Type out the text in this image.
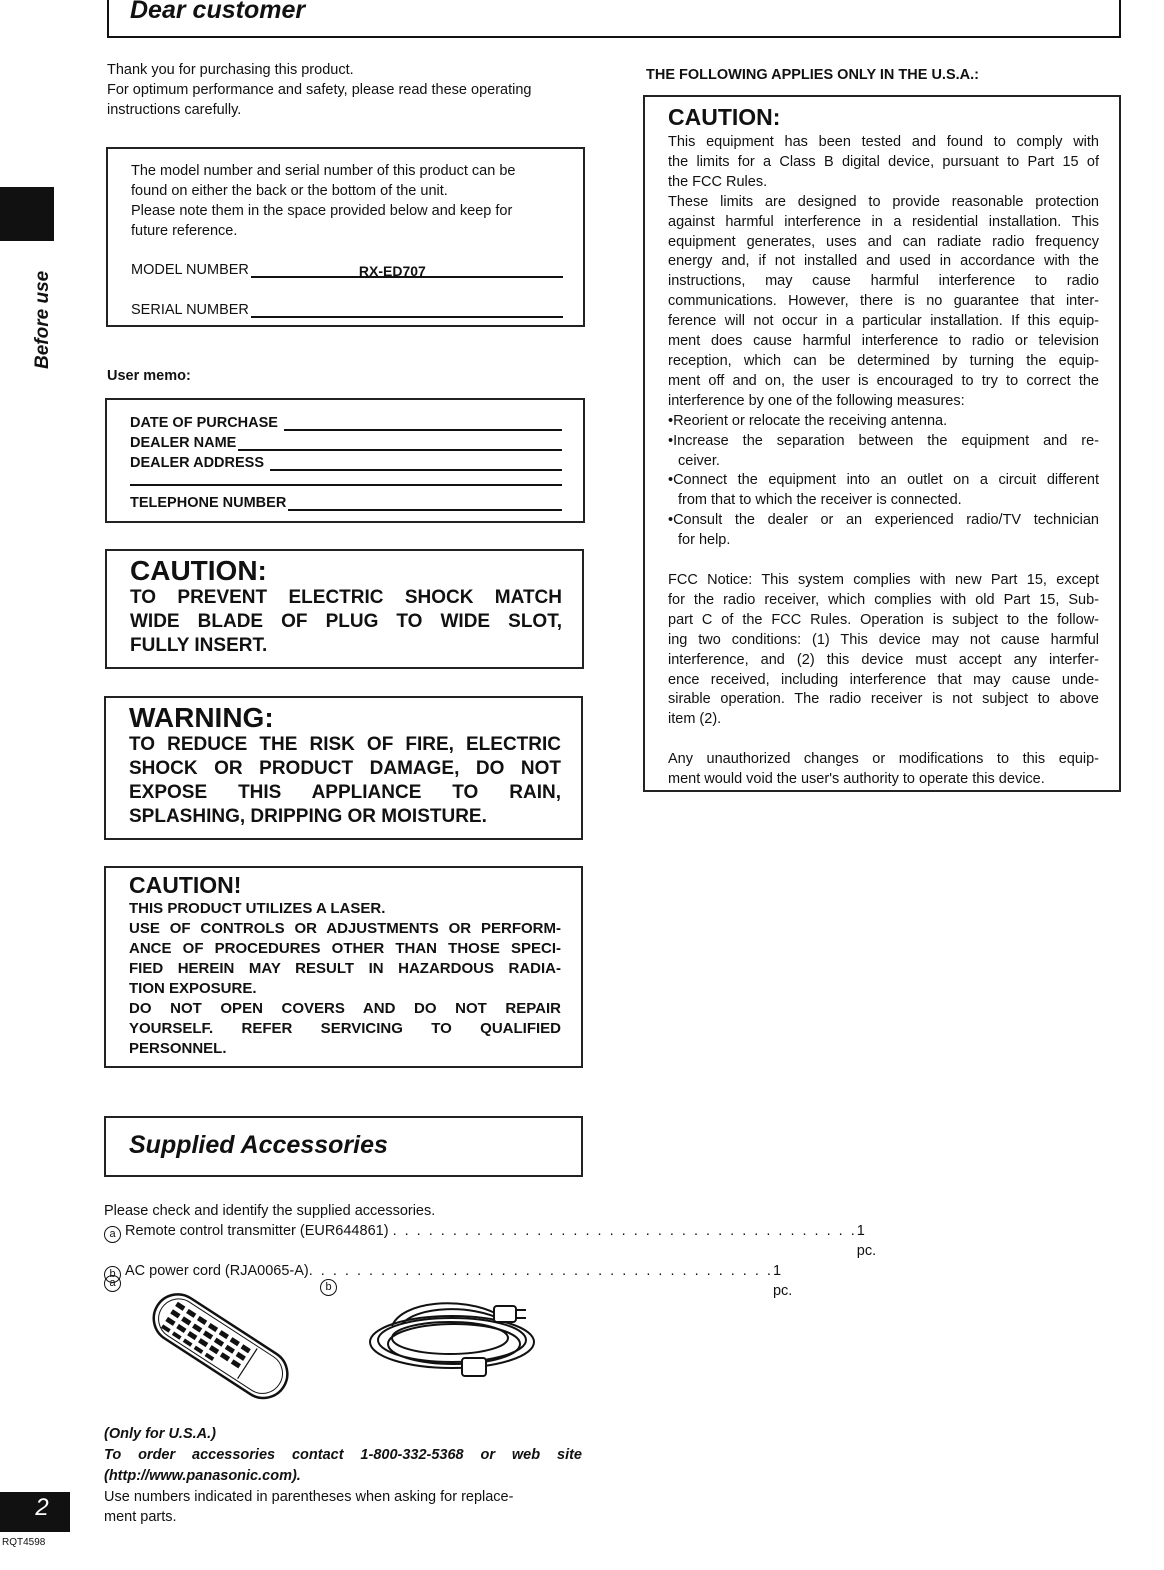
Dear customer
Before use
2
RQT4598
Thank you for purchasing this product.
For optimum performance and safety, please read these operating
instructions carefully.
The model number and serial number of this product can be
found on either the back or the bottom of the unit.
Please note them in the space provided below and keep for
future reference.
MODEL NUMBER	RX-ED707
SERIAL NUMBER
User memo:
DATE OF PURCHASE

DEALER NAME
DEALER ADDRESS

TELEPHONE NUMBER
CAUTION:
TO PREVENT ELECTRIC SHOCK MATCH
WIDE BLADE OF PLUG TO WIDE SLOT,
FULLY INSERT.
WARNING:
TO REDUCE THE RISK OF FIRE, ELECTRIC
SHOCK OR PRODUCT DAMAGE, DO NOT
EXPOSE THIS APPLIANCE TO RAIN,
SPLASHING, DRIPPING OR MOISTURE.
CAUTION!
THIS PRODUCT UTILIZES A LASER.
USE OF CONTROLS OR ADJUSTMENTS OR PERFORM-
ANCE OF PROCEDURES OTHER THAN THOSE SPECI-
FIED HEREIN MAY RESULT IN HAZARDOUS RADIA-
TION EXPOSURE.
DO NOT OPEN COVERS AND DO NOT REPAIR
YOURSELF. REFER SERVICING TO QUALIFIED
PERSONNEL.
Supplied Accessories
Please check and identify the supplied accessories.
a Remote control transmitter (EUR644861) . . . . . . . . . . . . . . . . . . . . . . . . . . . . . . . . . . . . . . . 1 pc.
b AC power cord (RJA0065-A) . . . . . . . . . . . . . . . . . . . . . . . . . . . . . . . . . . . . . . . 1 pc.
a	b
(Only for U.S.A.)
To order accessories contact 1-800-332-5368 or web site
(http://www.panasonic.com).
Use numbers indicated in parentheses when asking for replace-
ment parts.
THE FOLLOWING APPLIES ONLY IN THE U.S.A.:
CAUTION:
This equipment has been tested and found to comply with
the limits for a Class B digital device, pursuant to Part 15 of
the FCC Rules.
These limits are designed to provide reasonable protection
against harmful interference in a residential installation. This
equipment generates, uses and can radiate radio frequency
energy and, if not installed and used in accordance with the
instructions, may cause harmful interference to radio
communications. However, there is no guarantee that inter-
ference will not occur in a particular installation. If this equip-
ment does cause harmful interference to radio or television
reception, which can be determined by turning the equip-
ment off and on, the user is encouraged to try to correct the
interference by one of the following measures:
•Reorient or relocate the receiving antenna.
•Increase the separation between the equipment and re-
ceiver.
•Connect the equipment into an outlet on a circuit different
from that to which the receiver is connected.
•Consult the dealer or an experienced radio/TV technician
for help.
FCC Notice: This system complies with new Part 15, except
for the radio receiver, which complies with old Part 15, Sub-
part C of the FCC Rules. Operation is subject to the follow-
ing two conditions: (1) This device may not cause harmful
interference, and (2) this device must accept any interfer-
ence received, including interference that may cause unde-
sirable operation. The radio receiver is not subject to above
item (2).
Any unauthorized changes or modifications to this equip-
ment would void the user's authority to operate this device.
